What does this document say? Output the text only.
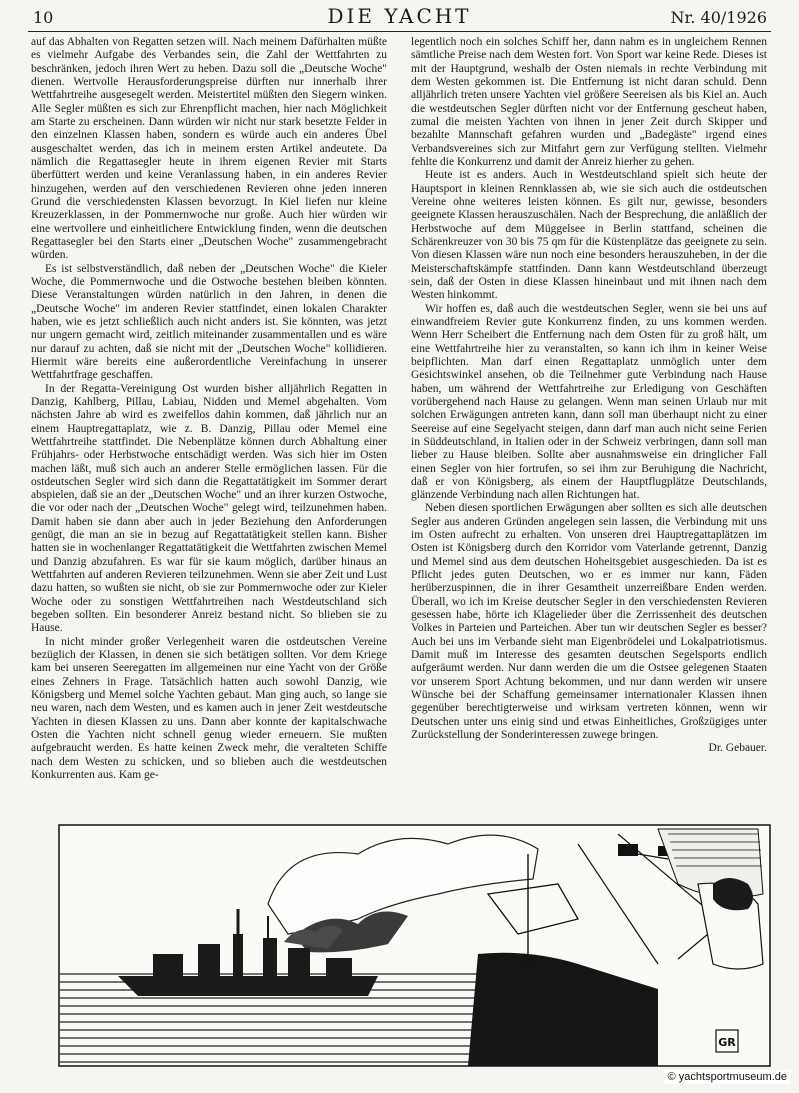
10	DIE YACHT	Nr. 40/1926

auf das Abhalten von Regatten setzen will. Nach meinem Dafürhalten müßte es vielmehr Aufgabe des Verbandes sein, die Zahl der Wettfahrten zu beschränken, jedoch ihren Wert zu heben. Dazu soll die „Deutsche Woche" dienen. Wertvolle Herausforderungspreise dürften nur innerhalb ihrer Wettfahrtreihe ausgesegelt werden. Meistertitel müßten den Siegern winken. Alle Segler müßten es sich zur Ehrenpflicht machen, hier nach Möglichkeit am Starte zu erscheinen. Dann würden wir nicht nur stark besetzte Felder in den einzelnen Klassen haben, sondern es würde auch ein anderes Übel ausgeschaltet werden, das ich in meinem ersten Artikel andeutete. Da nämlich die Regattasegler heute in ihrem eigenen Revier mit Starts überfüttert werden und keine Veranlassung haben, in ein anderes Revier hinzugehen, werden auf den verschiedenen Revieren ohne jeden inneren Grund die verschiedensten Klassen bevorzugt. In Kiel liefen nur kleine Kreuzerklassen, in der Pommernwoche nur große. Auch hier würden wir eine wertvollere und einheitlichere Entwicklung finden, wenn die deutschen Regattasegler bei den Starts einer „Deutschen Woche" zusammengebracht würden.

Es ist selbstverständlich, daß neben der „Deutschen Woche" die Kieler Woche, die Pommernwoche und die Ostwoche bestehen bleiben könnten. Diese Veranstaltungen würden natürlich in den Jahren, in denen die „Deutsche Woche" im anderen Revier stattfindet, einen lokalen Charakter haben, wie es jetzt schließlich auch nicht anders ist. Sie könnten, was jetzt nur ungern gemacht wird, zeitlich miteinander zusammentallen und es wäre nur darauf zu achten, daß sie nicht mit der „Deutschen Woche" kollidieren. Hiermit wäre bereits eine außerordentliche Vereinfachung in unserer Wettfahrtfrage geschaffen.

In der Regatta-Vereinigung Ost wurden bisher alljährlich Regatten in Danzig, Kahlberg, Pillau, Labiau, Nidden und Memel abgehalten. Vom nächsten Jahre ab wird es zweifellos dahin kommen, daß jährlich nur an einem Hauptregattaplatz, wie z. B. Danzig, Pillau oder Memel eine Wettfahrtreihe stattfindet. Die Nebenplätze können durch Abhaltung einer Frühjahrs- oder Herbstwoche entschädigt werden. Was sich hier im Osten machen läßt, muß sich auch an anderer Stelle ermöglichen lassen. Für die ostdeutschen Segler wird sich dann die Regattatätigkeit im Sommer derart abspielen, daß sie an der „Deutschen Woche" und an ihrer kurzen Ostwoche, die vor oder nach der „Deutschen Woche" gelegt wird, teilzunehmen haben. Damit haben sie dann aber auch in jeder Beziehung den Anforderungen genügt, die man an sie in bezug auf Regattatätigkeit stellen kann. Bisher hatten sie in wochenlanger Regattatätigkeit die Wettfahrten zwischen Memel und Danzig abzufahren. Es war für sie kaum möglich, darüber hinaus an Wettfahrten auf anderen Revieren teilzunehmen. Wenn sie aber Zeit und Lust dazu hatten, so wußten sie nicht, ob sie zur Pommernwoche oder zur Kieler Woche oder zu sonstigen Wettfahrtreihen nach Westdeutschland sich begeben sollten. Ein besonderer Anreiz bestand nicht. So blieben sie zu Hause.

In nicht minder großer Verlegenheit waren die ostdeutschen Vereine bezüglich der Klassen, in denen sie sich betätigen sollten. Vor dem Kriege kam bei unseren Seeregatten im allgemeinen nur eine Yacht von der Größe eines Zehners in Frage. Tatsächlich hatten auch sowohl Danzig, wie Königsberg und Memel solche Yachten gebaut. Man ging auch, so lange sie neu waren, nach dem Westen, und es kamen auch in jener Zeit westdeutsche Yachten in diesen Klassen zu uns. Dann aber konnte der kapitalschwache Osten die Yachten nicht schnell genug wieder erneuern. Sie mußten aufgebraucht werden. Es hatte keinen Zweck mehr, die veralteten Schiffe nach dem Westen zu schicken, und so blieben auch die westdeutschen Konkurrenten aus. Kam ge-

legentlich noch ein solches Schiff her, dann nahm es in ungleichem Rennen sämtliche Preise nach dem Westen fort. Von Sport war keine Rede. Dieses ist mit der Hauptgrund, weshalb der Osten niemals in rechte Verbindung mit dem Westen gekommen ist. Die Entfernung ist nicht daran schuld. Denn alljährlich treten unsere Yachten viel größere Seereisen als bis Kiel an. Auch die westdeutschen Segler dürften nicht vor der Entfernung gescheut haben, zumal die meisten Yachten von ihnen in jener Zeit durch Skipper und bezahlte Mannschaft gefahren wurden und „Badegäste" irgend eines Verbandsvereines sich zur Mitfahrt gern zur Verfügung stellten. Vielmehr fehlte die Konkurrenz und damit der Anreiz hierher zu gehen.

Heute ist es anders. Auch in Westdeutschland spielt sich heute der Hauptsport in kleinen Rennklassen ab, wie sie sich auch die ostdeutschen Vereine ohne weiteres leisten können. Es gilt nur, gewisse, besonders geeignete Klassen herauszuschälen. Nach der Besprechung, die anläßlich der Herbstwoche auf dem Müggelsee in Berlin stattfand, scheinen die Schärenkreuzer von 30 bis 75 qm für die Küstenplätze das geeignete zu sein. Von diesen Klassen wäre nun noch eine besonders herauszuheben, in der die Meisterschaftskämpfe stattfinden. Dann kann Westdeutschland überzeugt sein, daß der Osten in diese Klassen hineinbaut und mit ihnen nach dem Westen hinkommt.

Wir hoffen es, daß auch die westdeutschen Segler, wenn sie bei uns auf einwandfreiem Revier gute Konkurrenz finden, zu uns kommen werden. Wenn Herr Scheibert die Entfernung nach dem Osten für zu groß hält, um eine Wettfahrtreihe hier zu veranstalten, so kann ich ihm in keiner Weise beipflichten. Man darf einen Regattaplatz unmöglich unter dem Gesichtswinkel ansehen, ob die Teilnehmer gute Verbindung nach Hause haben, um während der Wettfahrtreihe zur Erledigung von Geschäften vorübergehend nach Hause zu gelangen. Wenn man seinen Urlaub nur mit solchen Erwägungen antreten kann, dann soll man überhaupt nicht zu einer Seereise auf eine Segelyacht steigen, dann darf man auch nicht seine Ferien in Süddeutschland, in Italien oder in der Schweiz verbringen, dann soll man lieber zu Hause bleiben. Sollte aber ausnahmsweise ein dringlicher Fall einen Segler von hier fortrufen, so sei ihm zur Beruhigung die Nachricht, daß er von Königsberg, als einem der Hauptflugplätze Deutschlands, glänzende Verbindung nach allen Richtungen hat.

Neben diesen sportlichen Erwägungen aber sollten es sich alle deutschen Segler aus anderen Gründen angelegen sein lassen, die Verbindung mit uns im Osten aufrecht zu erhalten. Von unseren drei Hauptregattaplätzen im Osten ist Königsberg durch den Korridor vom Vaterlande getrennt, Danzig und Memel sind aus dem deutschen Hoheitsgebiet ausgeschieden. Da ist es Pflicht jedes guten Deutschen, wo er es immer nur kann, Fäden herüberzuspinnen, die in ihrer Gesamtheit unzerreißbare Enden werden. Überall, wo ich im Kreise deutscher Segler in den verschiedensten Revieren gesessen habe, hörte ich Klagelieder über die Zerrissenheit des deutschen Volkes in Parteien und Parteichen. Aber tun wir deutschen Segler es besser? Auch bei uns im Verbande sieht man Eigenbrödelei und Lokalpatriotismus. Damit muß im Interesse des gesamten deutschen Segelsports endlich aufgeräumt werden. Nur dann werden die um die Ostsee gelegenen Staaten vor unserem Sport Achtung bekommen, und nur dann werden wir unsere Wünsche bei der Schaffung gemeinsamer internationaler Klassen ihnen gegenüber berechtigterweise und wirksam vertreten können, wenn wir Deutschen unter uns einig sind und etwas Einheitliches, Großzügiges unter Zurückstellung der Sonderinteressen zuwege bringen.

Dr. Gebauer.
GR
© yachtsportmuseum.de
